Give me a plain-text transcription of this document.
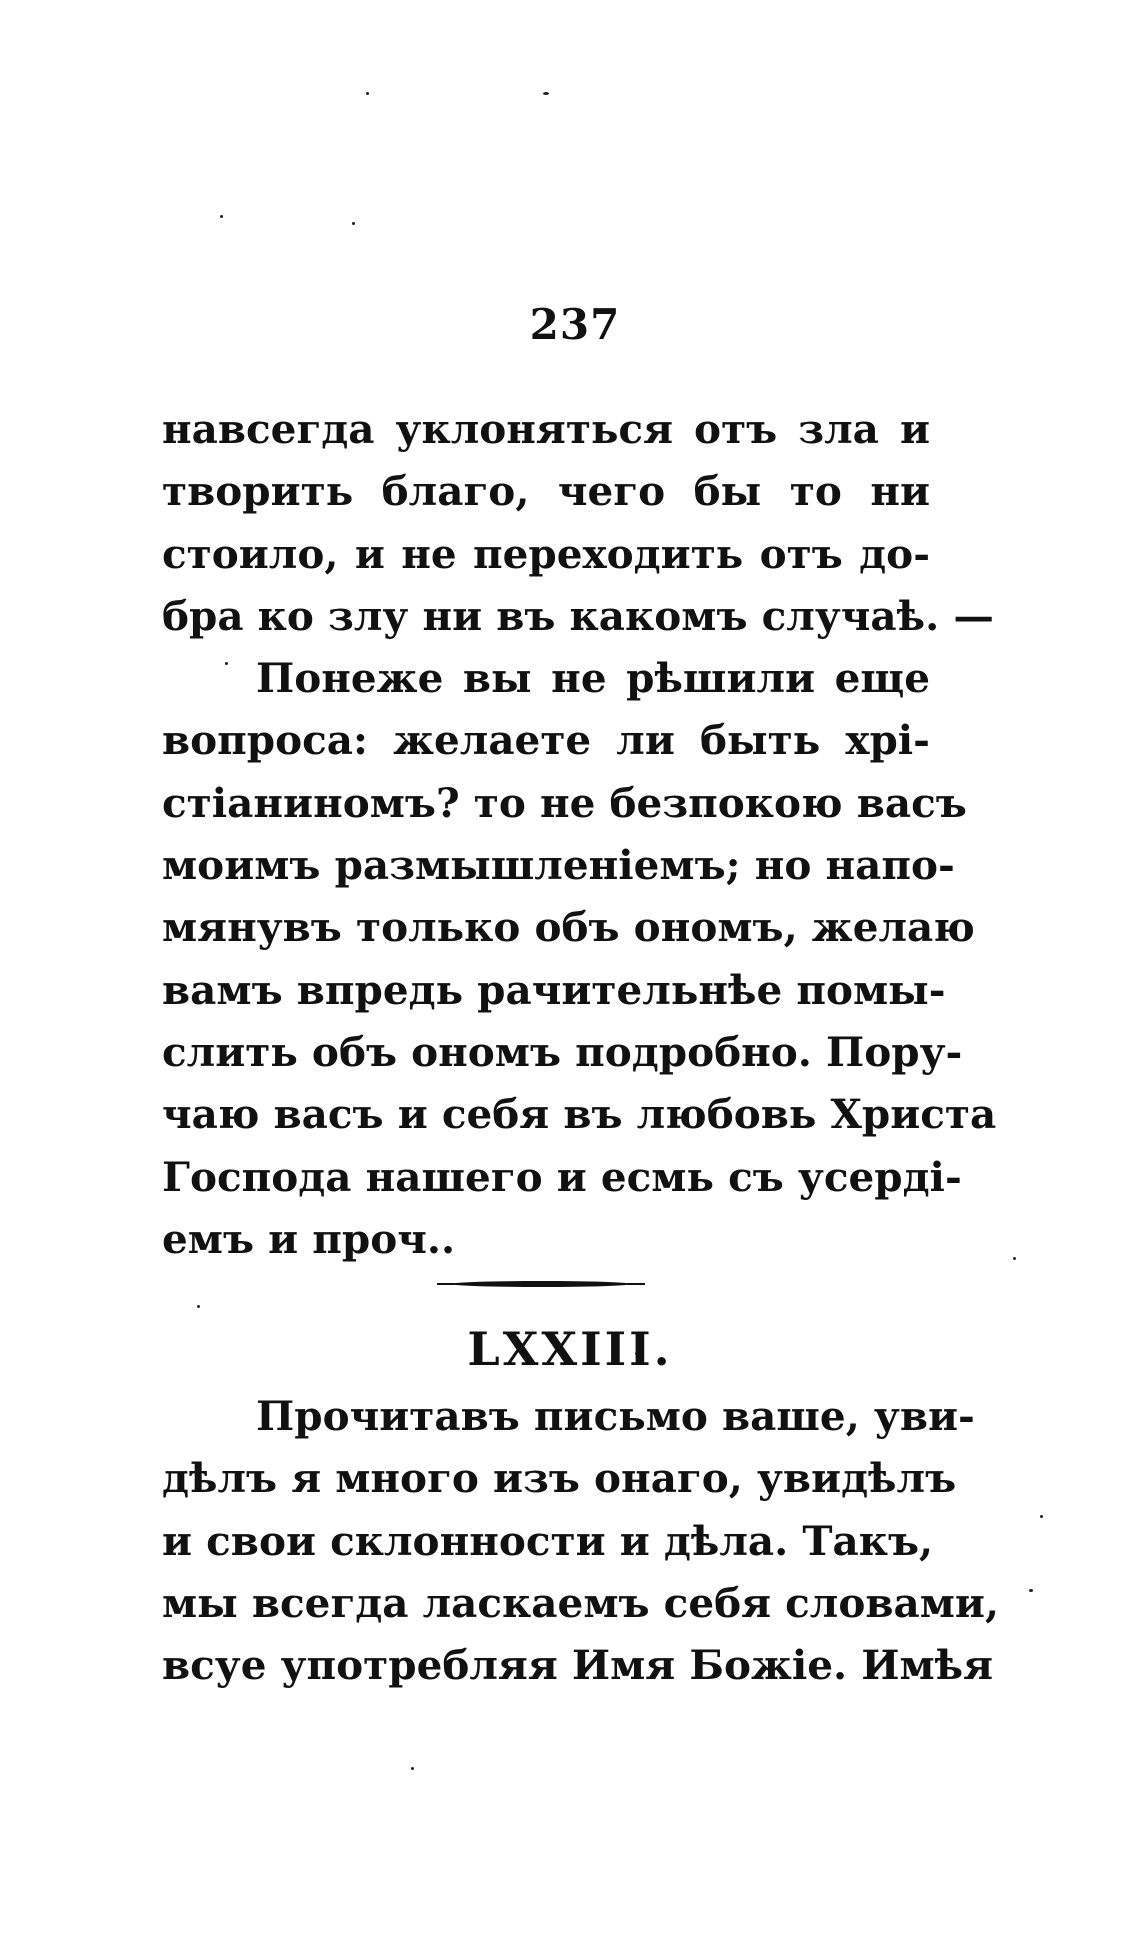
237
навсегда уклоняться отъ зла и
творить благо, чего бы то ни
стоило, и не переходить отъ до-
бра ко злу ни въ какомъ случаѣ. —
Понеже вы не рѣшили еще
вопроса: желаете ли быть хрі-
стіаниномъ? то не безпокою васъ
моимъ размышленіемъ; но напо-
мянувъ только объ ономъ, желаю
вамъ впредь рачительнѣе помы-
слить объ ономъ подробно. Пору-
чаю васъ и себя въ любовь Христа
Господа нашего и есмь съ усерді-
емъ и проч..
LXXIII.
Прочитавъ письмо ваше, уви-
дѣлъ я много изъ онаго, увидѣлъ
и свои склонности и дѣла. Такъ,
мы всегда ласкаемъ себя словами,
всуе употребляя Имя Божіе. Имѣя
